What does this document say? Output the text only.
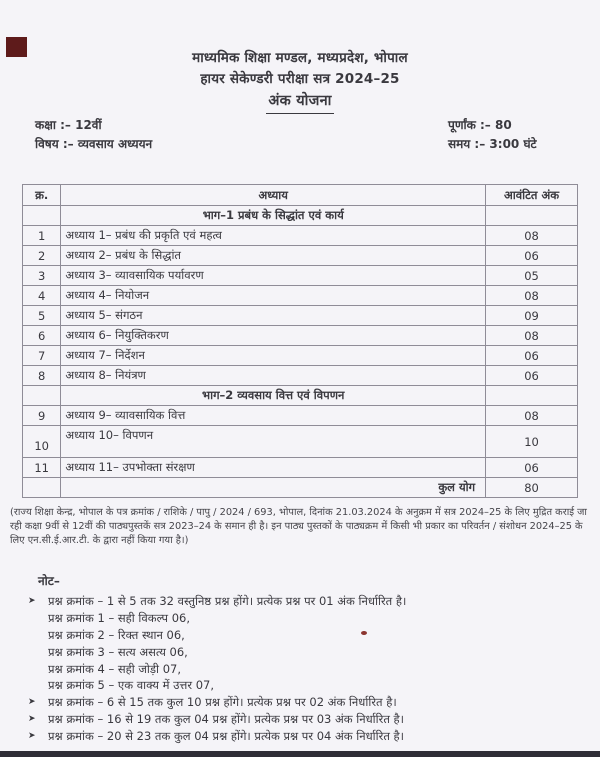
माध्यमिक शिक्षा मण्डल, मध्यप्रदेश, भोपाल
हायर सेकेण्डरी परीक्षा सत्र 2024–25
अंक योजना
कक्षा :– 12वीं
विषय :– व्यवसाय अध्ययन
पूर्णांक :– 80
समय :– 3:00 घंटे
क्र.	अध्याय	आवंटित अंक
	भाग–1 प्रबंध के सिद्धांत एवं कार्य	
1	अध्याय 1– प्रबंध की प्रकृति एवं महत्व	08
2	अध्याय 2– प्रबंध के सिद्धांत	06
3	अध्याय 3– व्यावसायिक पर्यावरण	05
4	अध्याय 4– नियोजन	08
5	अध्याय 5– संगठन	09
6	अध्याय 6– नियुक्तिकरण	08
7	अध्याय 7– निर्देशन	06
8	अध्याय 8– नियंत्रण	06
	भाग–2 व्यवसाय वित्त एवं विपणन	
9	अध्याय 9– व्यावसायिक वित्त	08
10	अध्याय 10– विपणन	10
11	अध्याय 11– उपभोक्ता संरक्षण	06
	कुल योग	80

(राज्य शिक्षा केन्द्र, भोपाल के पत्र क्रमांक / राशिके / पापु / 2024 / 693, भोपाल, दिनांक 21.03.2024 के अनुक्रम में सत्र 2024–25 के लिए मुद्रित कराई जा रही कक्षा 9वीं से 12वीं की पाठ्यपुस्तकें सत्र 2023–24 के समान ही है। इन पाठ्य पुस्तकों के पाठ्यक्रम में किसी भी प्रकार का परिवर्तन / संशोधन 2024–25 के लिए एन.सी.ई.आर.टी. के द्वारा नहीं किया गया है।)

नोट–
➤	प्रश्न क्रमांक – 1 से 5 तक 32 वस्तुनिष्ठ प्रश्न होंगे। प्रत्येक प्रश्न पर 01 अंक निर्धारित है।
प्रश्न क्रमांक 1 – सही विकल्प 06,
प्रश्न क्रमांक 2 – रिक्त स्थान 06,
प्रश्न क्रमांक 3 – सत्य असत्य 06,
प्रश्न क्रमांक 4 – सही जोड़ी 07,
प्रश्न क्रमांक 5 – एक वाक्य में उत्तर 07,
➤	प्रश्न क्रमांक – 6 से 15 तक कुल 10 प्रश्न होंगे। प्रत्येक प्रश्न पर 02 अंक निर्धारित है।
➤	प्रश्न क्रमांक – 16 से 19 तक कुल 04 प्रश्न होंगे। प्रत्येक प्रश्न पर 03 अंक निर्धारित है।
➤	प्रश्न क्रमांक – 20 से 23 तक कुल 04 प्रश्न होंगे। प्रत्येक प्रश्न पर 04 अंक निर्धारित है।
